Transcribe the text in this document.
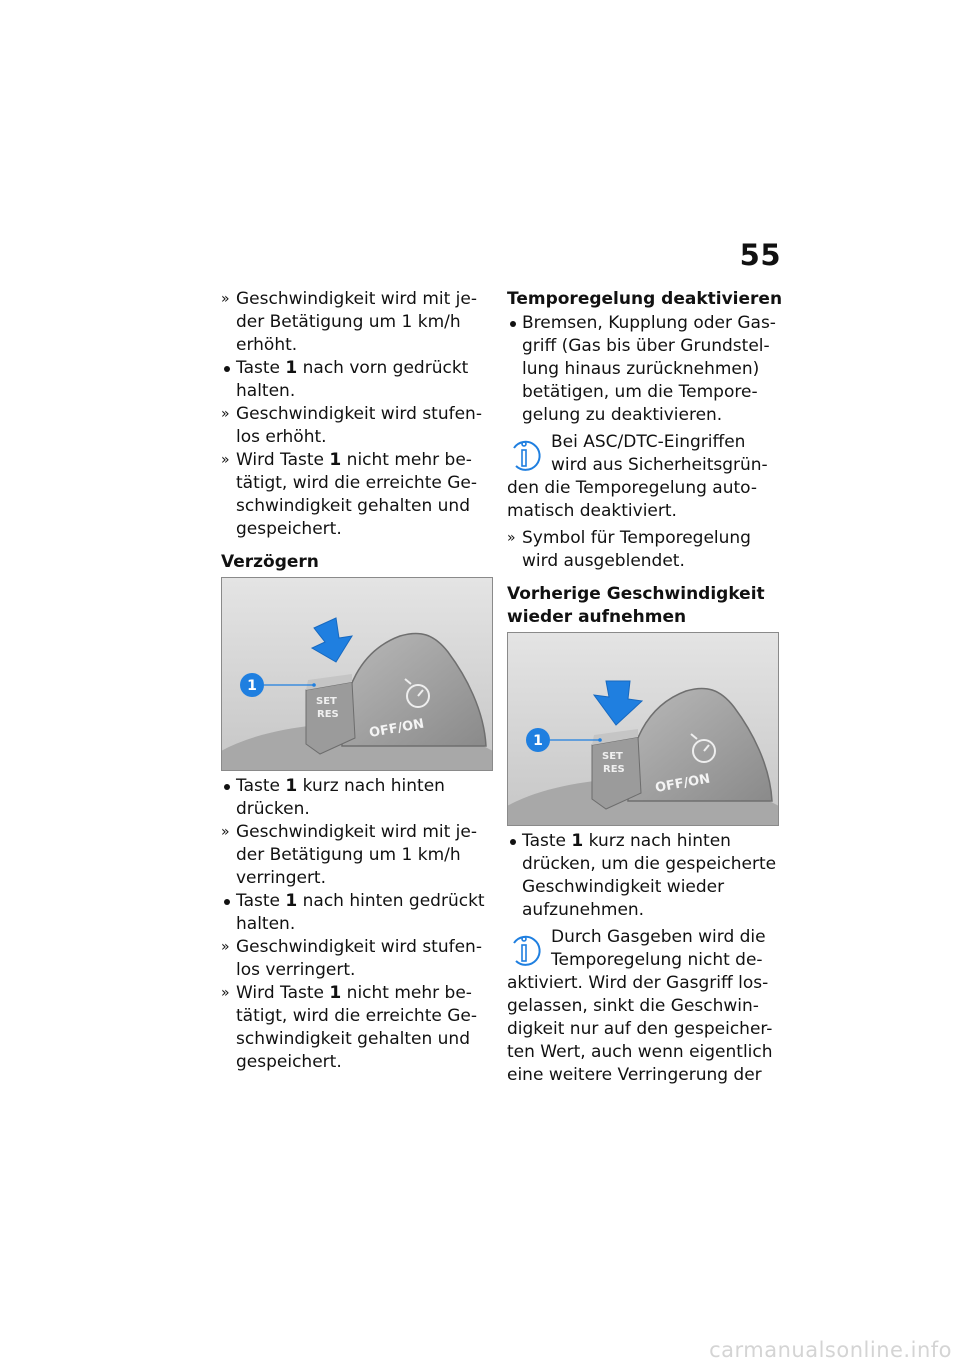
55

» Geschwindigkeit wird mit je-der Betätigung um 1 km/h erhöht.

Taste 1 nach vorn gedrückt halten.

» Geschwindigkeit wird stufen-los erhöht.

» Wird Taste 1 nicht mehr be-tätigt, wird die erreichte Ge-schwindigkeit gehalten und gespeichert.

Verzögern

SET
RES
OFF/ON
1

Taste 1 kurz nach hinten drücken.

» Geschwindigkeit wird mit je-der Betätigung um 1 km/h verringert.

Taste 1 nach hinten gedrückt halten.

» Geschwindigkeit wird stufen-los verringert.

» Wird Taste 1 nicht mehr be-tätigt, wird die erreichte Ge-schwindigkeit gehalten und gespeichert.

Temporegelung deaktivieren

Bremsen, Kupplung oder Gas-griff (Gas bis über Grundstel-lung hinaus zurücknehmen) betätigen, um die Tempore-gelung zu deaktivieren.

Bei ASC/DTC-Eingriffen wird aus Sicherheitsgrün-
den die Temporegelung auto-matisch deaktiviert.

» Symbol für Temporegelung wird ausgeblendet.

Vorherige Geschwindigkeit wieder aufnehmen

SET
RES
OFF/ON
1

Taste 1 kurz nach hinten drücken, um die gespeicherte Geschwindigkeit wieder aufzunehmen.

Durch Gasgeben wird die Temporegelung nicht de-
aktiviert. Wird der Gasgriff los-gelassen, sinkt die Geschwin-digkeit nur auf den gespeicher-ten Wert, auch wenn eigentlich eine weitere Verringerung der
carmanualsonline.info
